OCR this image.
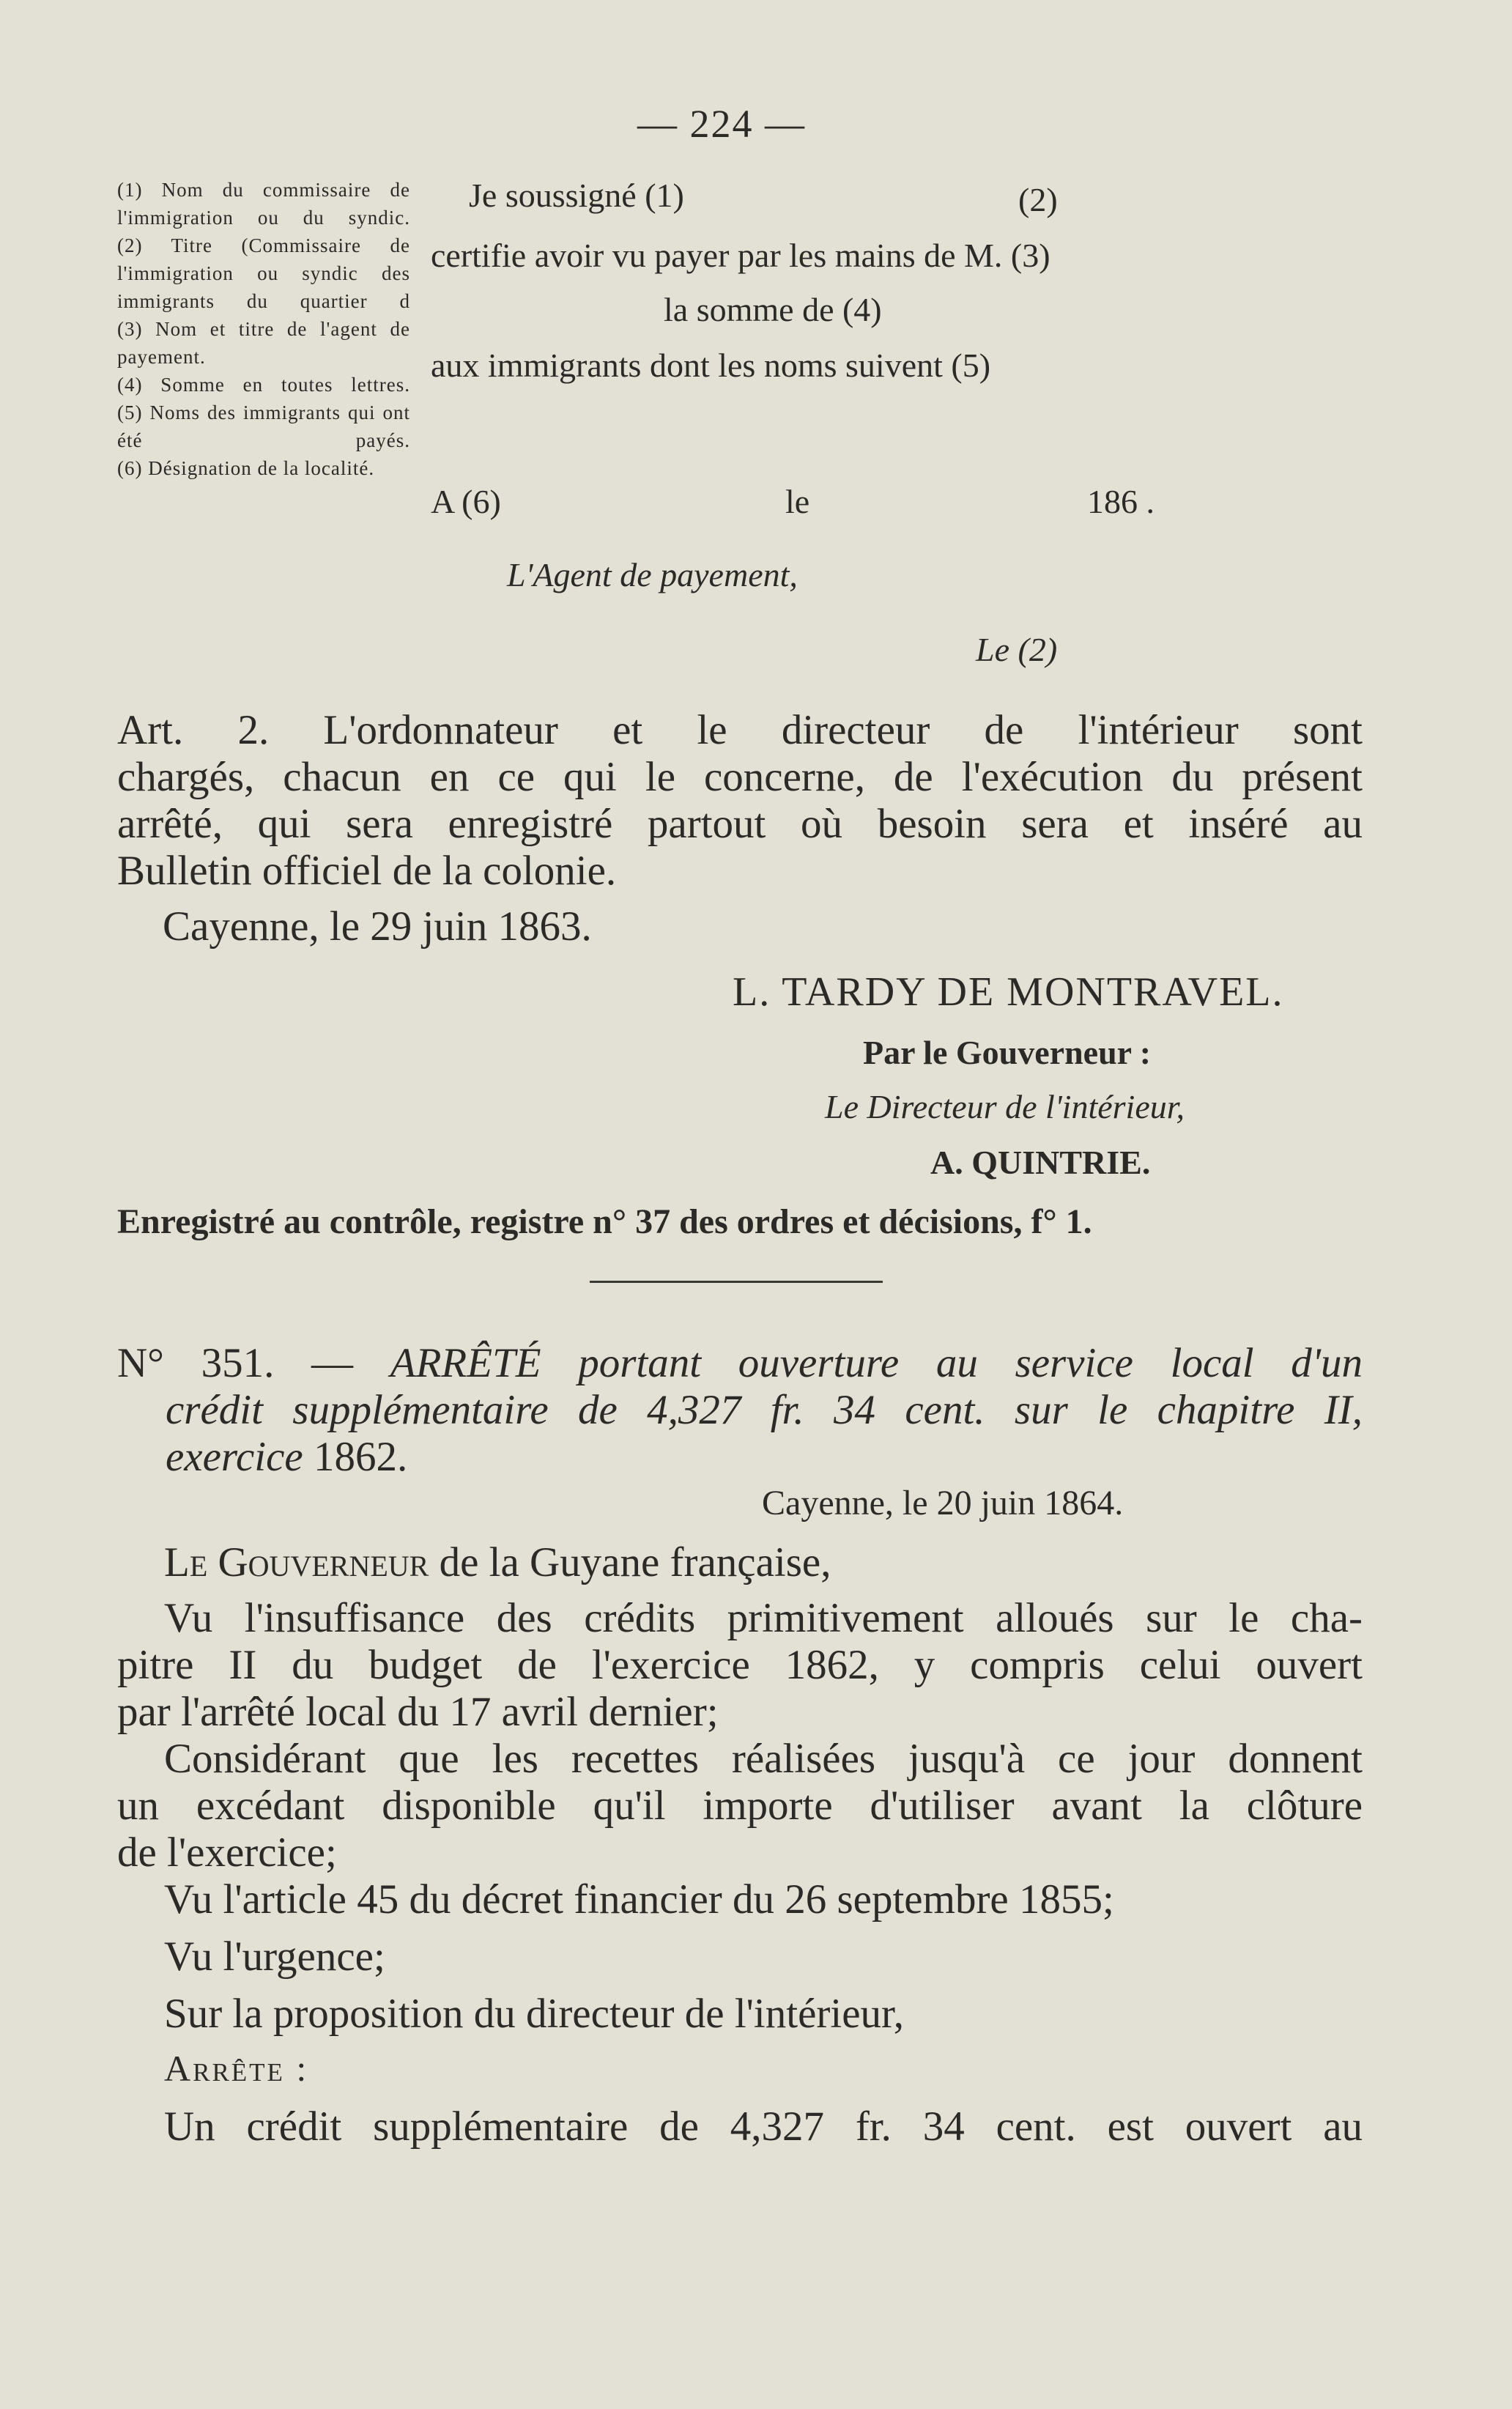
— 224 —
(1) Nom du commissaire de l'immigration ou du syndic.
(2) Titre (Commissaire de l'immigration ou syndic des immigrants du quartier d
(3) Nom et titre de l'agent de payement.
(4) Somme en toutes lettres.
(5) Noms des immigrants qui ont été payés.
(6) Désignation de la localité.
Je soussigné (1)	(2)
certifie avoir vu payer par les mains de M. (3)
la somme de (4)
aux immigrants dont les noms suivent (5)
A (6)	le	186 .
L'Agent de payement,
Le (2)
Art. 2. L'ordonnateur et le directeur de l'intérieur sont
chargés, chacun en ce qui le concerne, de l'exécution du présent
arrêté, qui sera enregistré partout où besoin sera et inséré au
Bulletin officiel de la colonie.
Cayenne, le 29 juin 1863.
L. TARDY DE MONTRAVEL.
Par le Gouverneur :
Le Directeur de l'intérieur,
A. QUINTRIE.
Enregistré au contrôle, registre n° 37 des ordres et décisions, f° 1.
N° 351. — ARRÊTÉ portant ouverture au service local d'un
crédit supplémentaire de 4,327 fr. 34 cent. sur le chapitre II,
exercice 1862.
Cayenne, le 20 juin 1864.
Le Gouverneur de la Guyane française,
Vu l'insuffisance des crédits primitivement alloués sur le cha-
pitre II du budget de l'exercice 1862, y compris celui ouvert
par l'arrêté local du 17 avril dernier;
Considérant que les recettes réalisées jusqu'à ce jour donnent
un excédant disponible qu'il importe d'utiliser avant la clôture
de l'exercice;
Vu l'article 45 du décret financier du 26 septembre 1855;
Vu l'urgence;
Sur la proposition du directeur de l'intérieur,
Arrête :
Un crédit supplémentaire de 4,327 fr. 34 cent. est ouvert au
